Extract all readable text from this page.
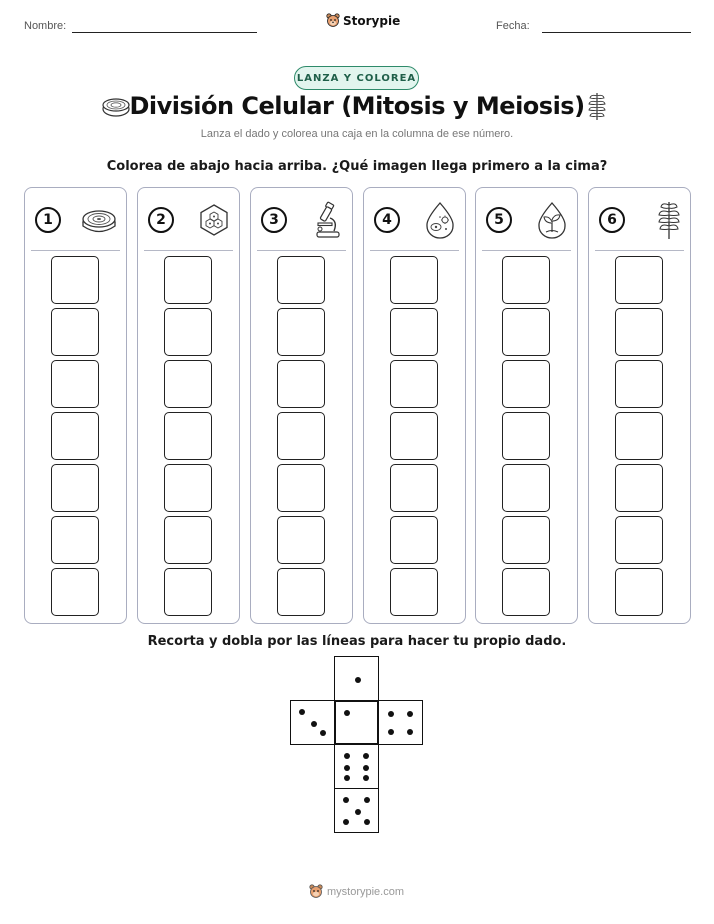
Nombre:	Storypie	Fecha:
LANZA Y COLOREA
División Celular (Mitosis y Meiosis)
Lanza el dado y colorea una caja en la columna de ese número.
Colorea de abajo hacia arriba. ¿Qué imagen llega primero a la cima?
1	2	3	4	5	6
Recorta y dobla por las líneas para hacer tu propio dado.
mystorypie.com
